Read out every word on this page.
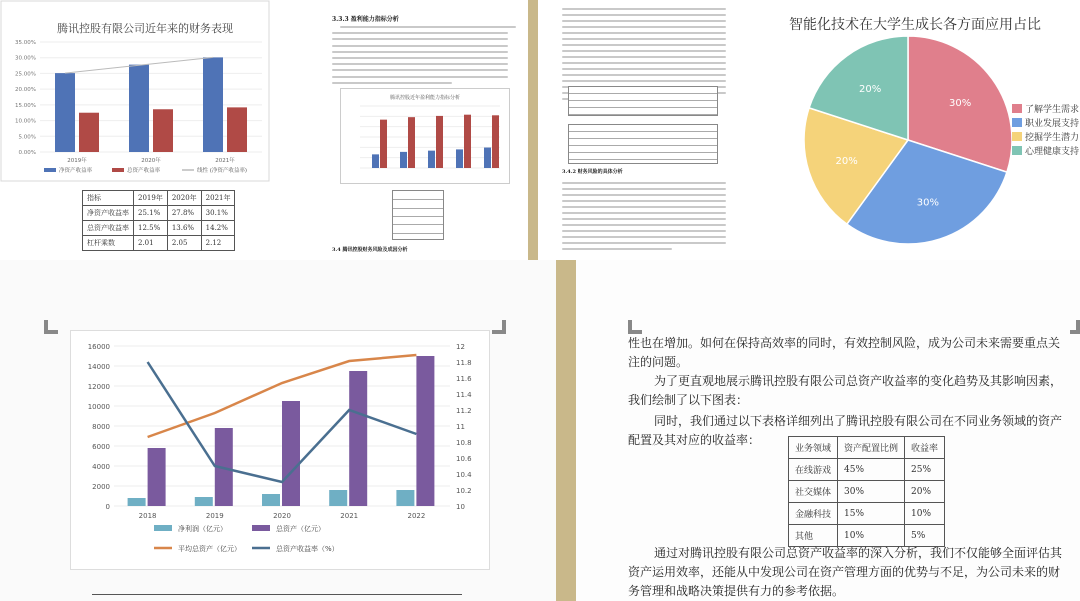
腾讯控股有限公司近年来的财务表现
0.00%
5.00%
10.00%
15.00%
20.00%
25.00%
30.00%
35.00%
2019年	2020年	2021年
净资产收益率	总资产收益率	线性 (净资产收益率)
指标	2019年	2020年	2021年
净资产收益率	25.1%	27.8%	30.1%
总资产收益率	12.5%	13.6%	14.2%
杠杆乘数	2.01	2.05	2.12
3.3.3 盈利能力指标分析
腾讯控股近年盈利能力指标分析
3.4 腾讯控股财务风险及成因分析
3.4.2 财务风险的具体分析
智能化技术在大学生成长各方面应用占比
30%
30%
20%
20%
了解学生需求
职业发展支持
挖掘学生潜力
心理健康支持
0
2000
4000
6000
8000
10000
12000
14000
16000
10
10.2
10.4
10.6
10.8
11
11.2
11.4
11.6
11.8
12
2018	2019	2020	2021	2022
净利润（亿元）	总资产（亿元）
平均总资产（亿元）	总资产收益率（%）
性也在增加。如何在保持高效率的同时，有效控制风险，成为公司未来需要重点关注的问题。
为了更直观地展示腾讯控股有限公司总资产收益率的变化趋势及其影响因素，我们绘制了以下图表：
同时，我们通过以下表格详细列出了腾讯控股有限公司在不同业务领域的资产配置及其对应的收益率：
业务领域	资产配置比例	收益率
在线游戏	45%	25%
社交媒体	30%	20%
金融科技	15%	10%
其他	10%	5%
通过对腾讯控股有限公司总资产收益率的深入分析，我们不仅能够全面评估其资产运用效率，还能从中发现公司在资产管理方面的优势与不足，为公司未来的财务管理和战略决策提供有力的参考依据。
